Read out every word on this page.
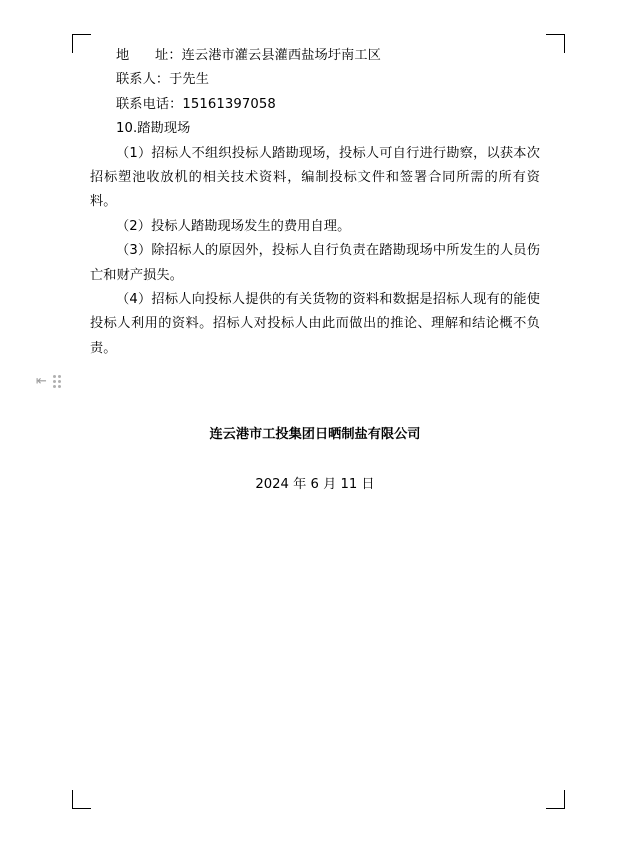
地      址：连云港市灌云县灌西盐场圩南工区
联系人：于先生
联系电话：15161397058
10.踏勘现场
（1）招标人不组织投标人踏勘现场，投标人可自行进行勘察，以获本次招标塑池收放机的相关技术资料，编制投标文件和签署合同所需的所有资料。
（2）投标人踏勘现场发生的费用自理。
（3）除招标人的原因外，投标人自行负责在踏勘现场中所发生的人员伤亡和财产损失。
（4）招标人向投标人提供的有关货物的资料和数据是招标人现有的能使投标人利用的资料。招标人对投标人由此而做出的推论、理解和结论概不负责。
连云港市工投集团日晒制盐有限公司
2024 年 6 月 11 日
⇤
